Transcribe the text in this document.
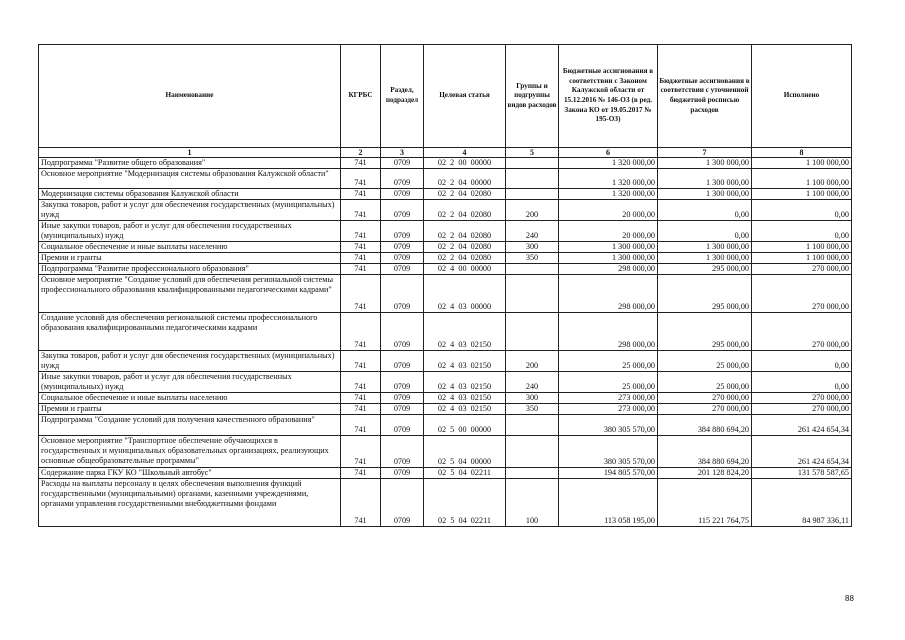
Наименование	КГРБС	Раздел, подраздел	Целевая статья	Группы и подгруппы видов расходов	Бюджетные ассигнования в соответствии с Законом Калужской области от 15.12.2016 № 146-ОЗ (в ред. Закона КО от 19.05.2017 № 195-ОЗ)	Бюджетные ассигнования в соответствии с уточненной бюджетной росписью расходов	Исполнено
1	2	3	4	5	6	7	8
Подпрограмма "Развитие общего образования"	741	0709	02  2  00  00000		1 320 000,00	1 300 000,00	1 100 000,00
Основное мероприятие "Модернизация системы образования Калужской области"	741	0709	02  2  04  00000		1 320 000,00	1 300 000,00	1 100 000,00
Модернизация системы образования Калужской области	741	0709	02  2  04  02080		1 320 000,00	1 300 000,00	1 100 000,00
Закупка товаров, работ и услуг для обеспечения государственных (муниципальных) нужд	741	0709	02  2  04  02080	200	20 000,00	0,00	0,00
Иные закупки товаров, работ и услуг для обеспечения государственных (муниципальных) нужд	741	0709	02  2  04  02080	240	20 000,00	0,00	0,00
Социальное обеспечение и иные выплаты населению	741	0709	02  2  04  02080	300	1 300 000,00	1 300 000,00	1 100 000,00
Премии и гранты	741	0709	02  2  04  02080	350	1 300 000,00	1 300 000,00	1 100 000,00
Подпрограмма "Развитие профессионального образования"	741	0709	02  4  00  00000		298 000,00	295 000,00	270 000,00
Основное мероприятие "Создание условий для обеспечения региональной системы профессионального образования квалифицированными педагогическими кадрами"	741	0709	02  4  03  00000		298 000,00	295 000,00	270 000,00
Создание условий для обеспечения региональной системы профессионального образования квалифицированными педагогическими кадрами	741	0709	02  4  03  02150		298 000,00	295 000,00	270 000,00
Закупка товаров, работ и услуг для обеспечения государственных (муниципальных) нужд	741	0709	02  4  03  02150	200	25 000,00	25 000,00	0,00
Иные закупки товаров, работ и услуг для обеспечения государственных (муниципальных) нужд	741	0709	02  4  03  02150	240	25 000,00	25 000,00	0,00
Социальное обеспечение и иные выплаты населению	741	0709	02  4  03  02150	300	273 000,00	270 000,00	270 000,00
Премии и гранты	741	0709	02  4  03  02150	350	273 000,00	270 000,00	270 000,00
Подпрограмма "Создание условий для получения качественного образования"	741	0709	02  5  00  00000		380 305 570,00	384 880 694,20	261 424 654,34
Основное мероприятие "Транспортное обеспечение обучающихся в государственных и муниципальных образовательных организациях, реализующих основные общеобразовательные программы"	741	0709	02  5  04  00000		380 305 570,00	384 880 694,20	261 424 654,34
Содержание парка ГКУ КО "Школьный автобус"	741	0709	02  5  04  02211		194 805 570,00	201 128 824,20	131 578 587,65
Расходы на выплаты персоналу в целях обеспечения выполнения функций государственными (муниципальными) органами, казенными учреждениями, органами управления государственными внебюджетными фондами	741	0709	02  5  04  02211	100	113 058 195,00	115 221 764,75	84 987 336,11
88
